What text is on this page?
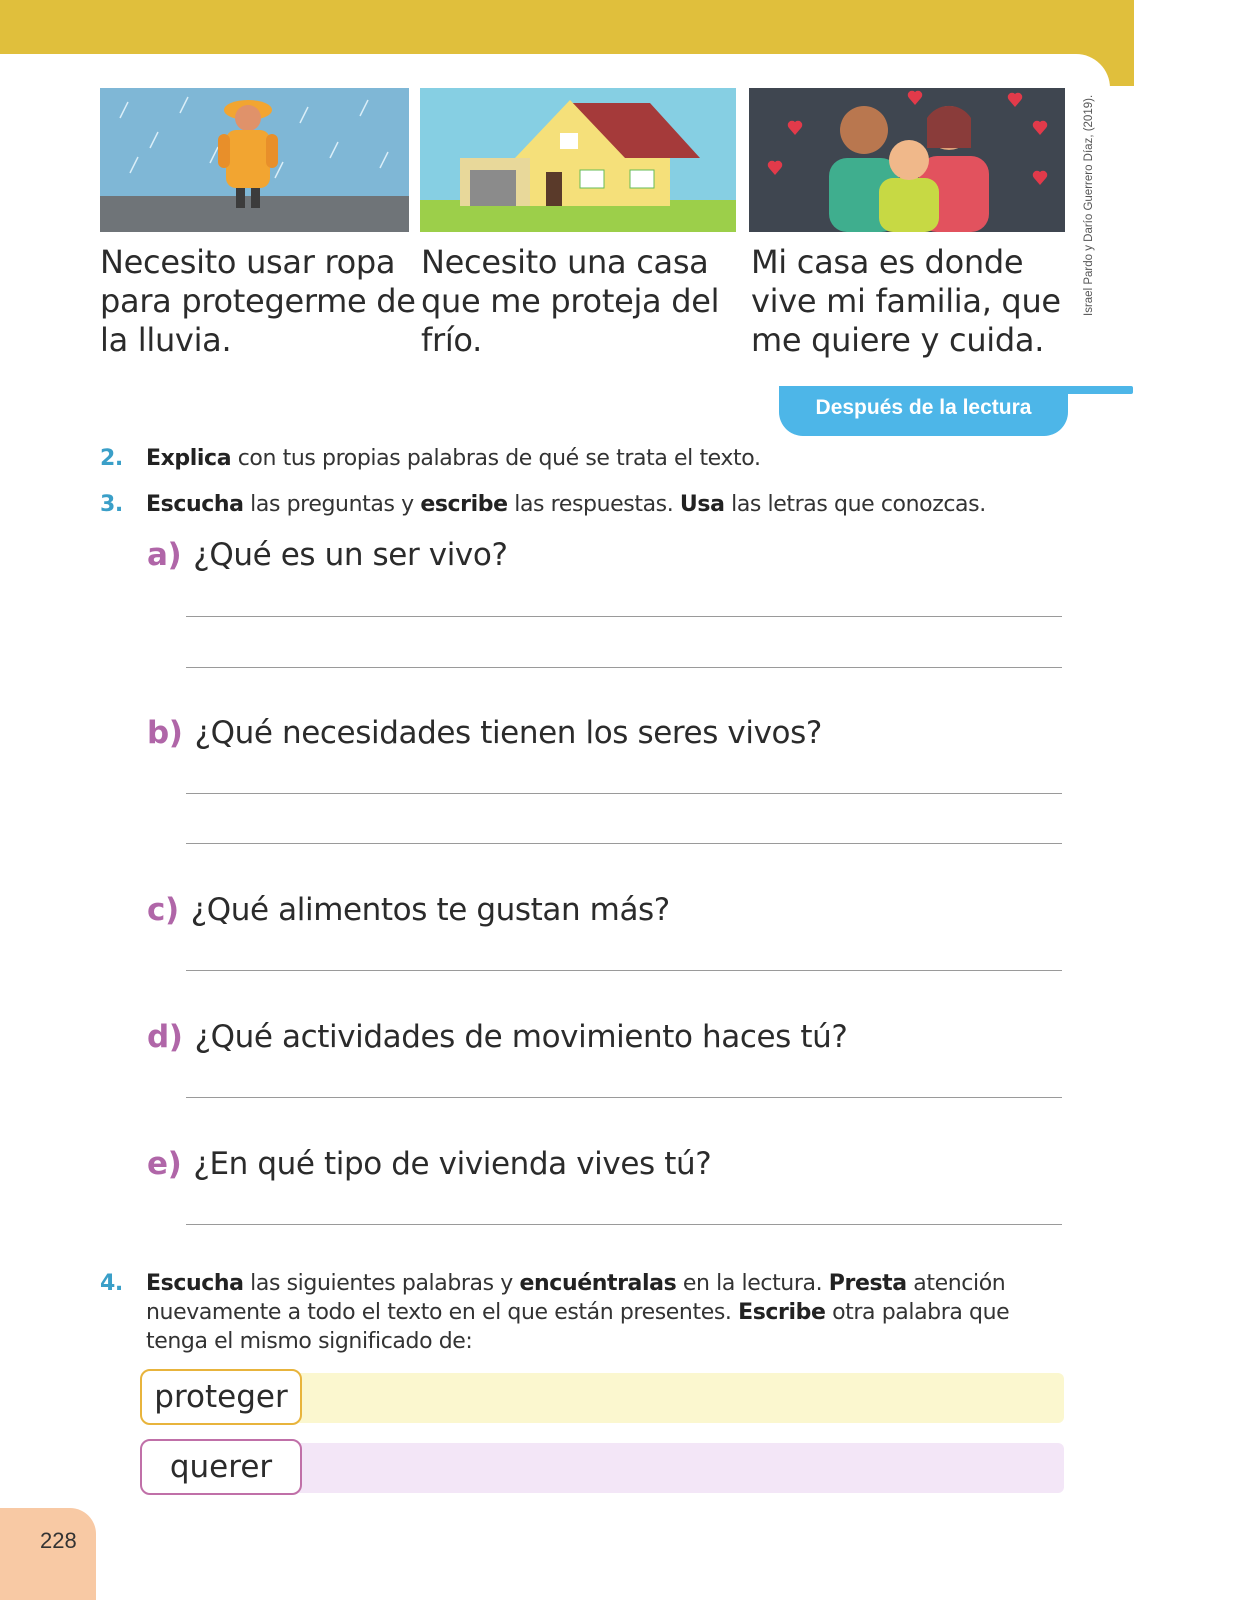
Israel Pardo y Darío Guerrero Díaz, (2019).
Necesito usar ropa para protegerme de la lluvia.
Necesito una casa que me proteja del frío.
Mi casa es donde vive mi familia, que me quiere y cuida.
Después de la lectura
2. Explica con tus propias palabras de qué se trata el texto.
3. Escucha las preguntas y escribe las respuestas. Usa las letras que conozcas.
a) ¿Qué es un ser vivo?
b) ¿Qué necesidades tienen los seres vivos?
c) ¿Qué alimentos te gustan más?
d) ¿Qué actividades de movimiento haces tú?
e) ¿En qué tipo de vivienda vives tú?
4. Escucha las siguientes palabras y encuéntralas en la lectura. Presta atención nuevamente a todo el texto en el que están presentes. Escribe otra palabra que tenga el mismo significado de:
proteger
querer
228
